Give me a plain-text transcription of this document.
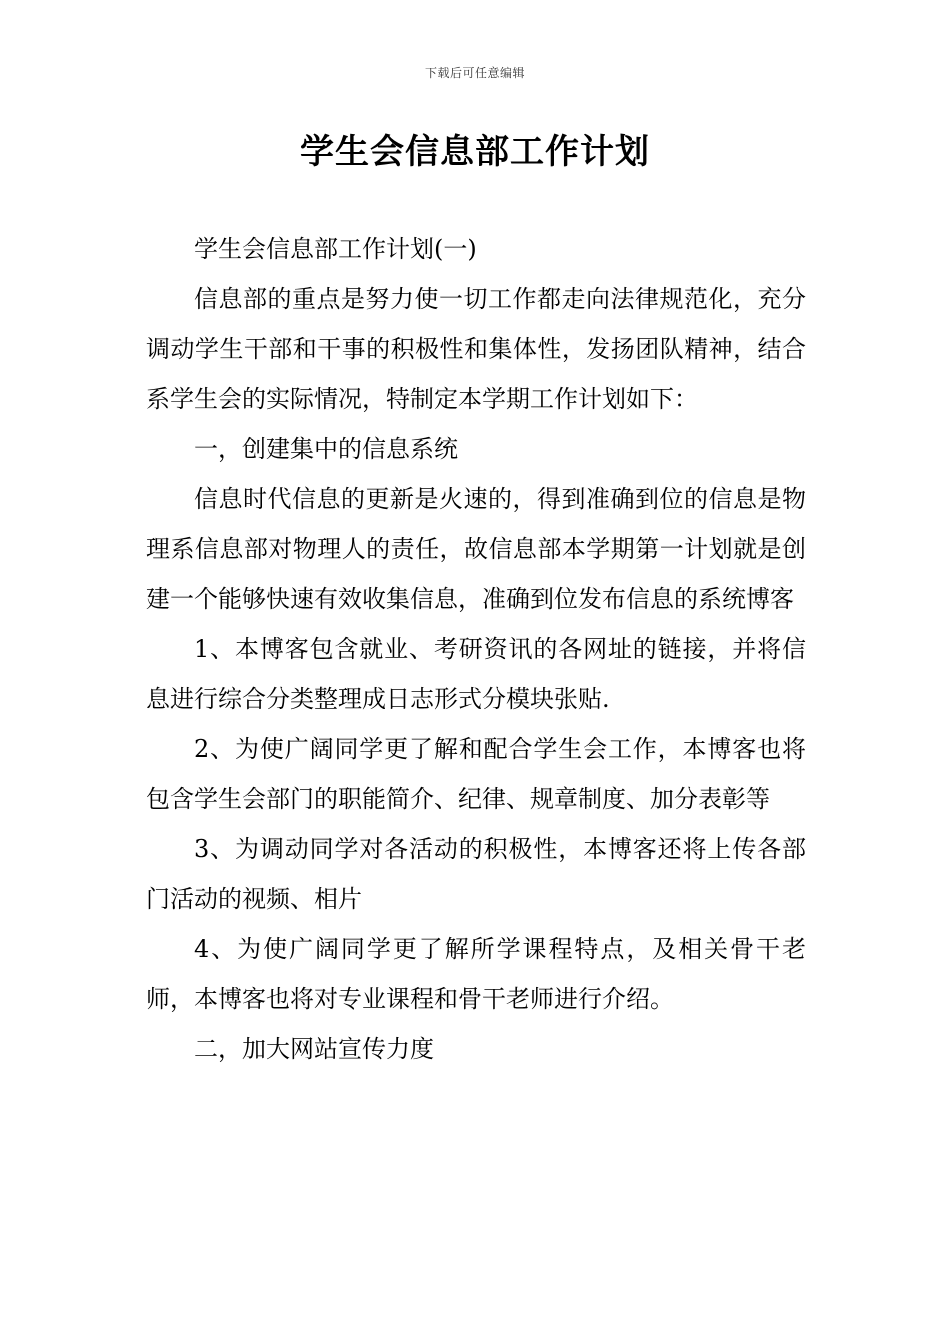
下载后可任意编辑
学生会信息部工作计划

学生会信息部工作计划(一)

信息部的重点是努力使一切工作都走向法律规范化，充分调动学生干部和干事的积极性和集体性，发扬团队精神，结合系学生会的实际情况，特制定本学期工作计划如下：

一，创建集中的信息系统

信息时代信息的更新是火速的，得到准确到位的信息是物理系信息部对物理人的责任，故信息部本学期第一计划就是创建一个能够快速有效收集信息，准确到位发布信息的系统博客

1、本博客包含就业、考研资讯的各网址的链接，并将信息进行综合分类整理成日志形式分模块张贴.

2、为使广阔同学更了解和配合学生会工作，本博客也将包含学生会部门的职能简介、纪律、规章制度、加分表彰等

3、为调动同学对各活动的积极性，本博客还将上传各部门活动的视频、相片

4、为使广阔同学更了解所学课程特点，及相关骨干老师，本博客也将对专业课程和骨干老师进行介绍。

二，加大网站宣传力度
